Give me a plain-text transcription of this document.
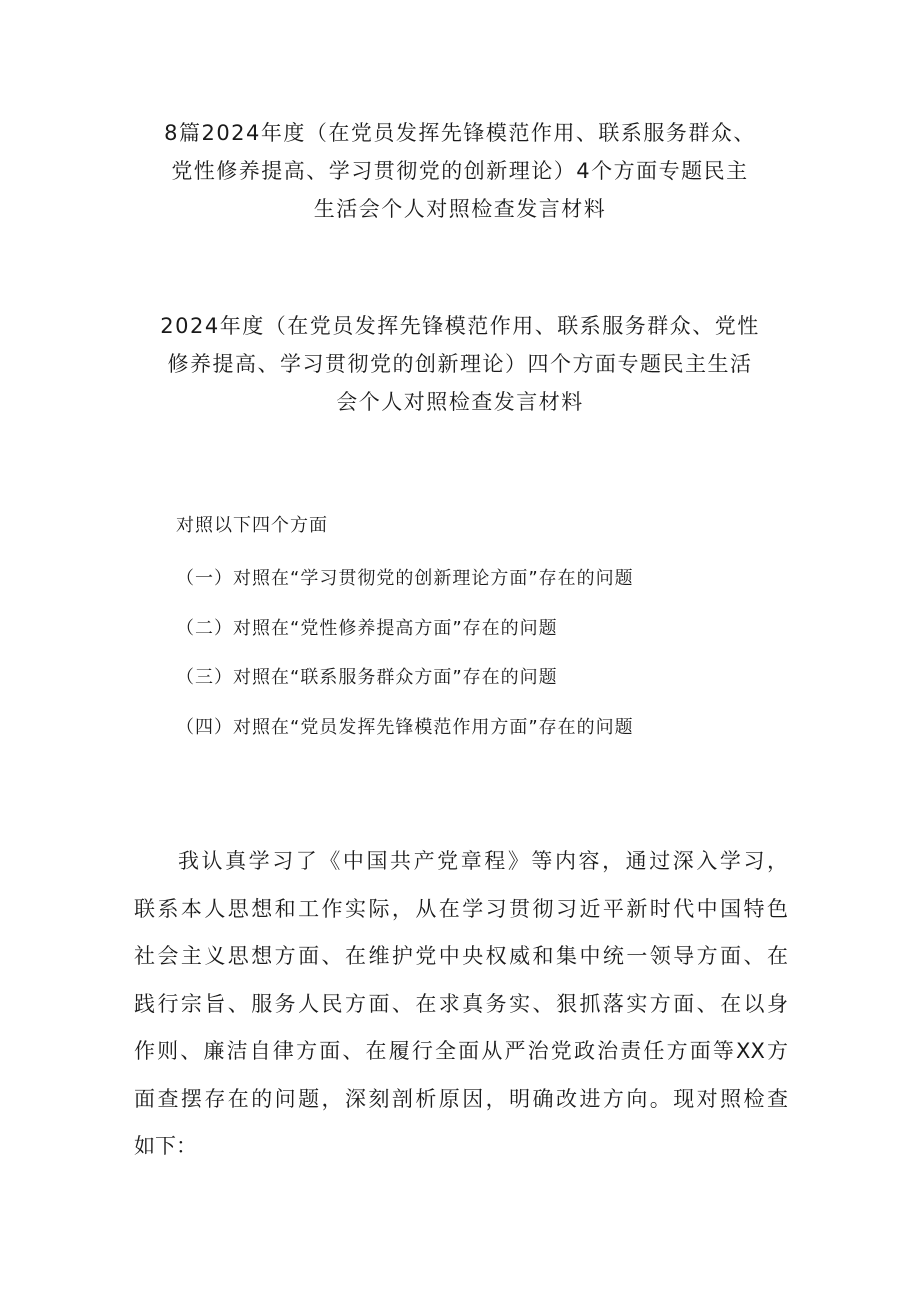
8篇2024年度（在党员发挥先锋模范作用、联系服务群众、
党性修养提高、学习贯彻党的创新理论）4个方面专题民主
生活会个人对照检查发言材料
2024年度（在党员发挥先锋模范作用、联系服务群众、党性
修养提高、学习贯彻党的创新理论）四个方面专题民主生活
会个人对照检查发言材料
对照以下四个方面
（一）对照在“学习贯彻党的创新理论方面”存在的问题
（二）对照在“党性修养提高方面”存在的问题
（三）对照在“联系服务群众方面”存在的问题
（四）对照在“党员发挥先锋模范作用方面”存在的问题
我认真学习了《中国共产党章程》等内容，通过深入学习，
联系本人思想和工作实际，从在学习贯彻习近平新时代中国特色
社会主义思想方面、在维护党中央权威和集中统一领导方面、在
践行宗旨、服务人民方面、在求真务实、狠抓落实方面、在以身
作则、廉洁自律方面、在履行全面从严治党政治责任方面等XX方
面查摆存在的问题，深刻剖析原因，明确改进方向。现对照检查
如下：
